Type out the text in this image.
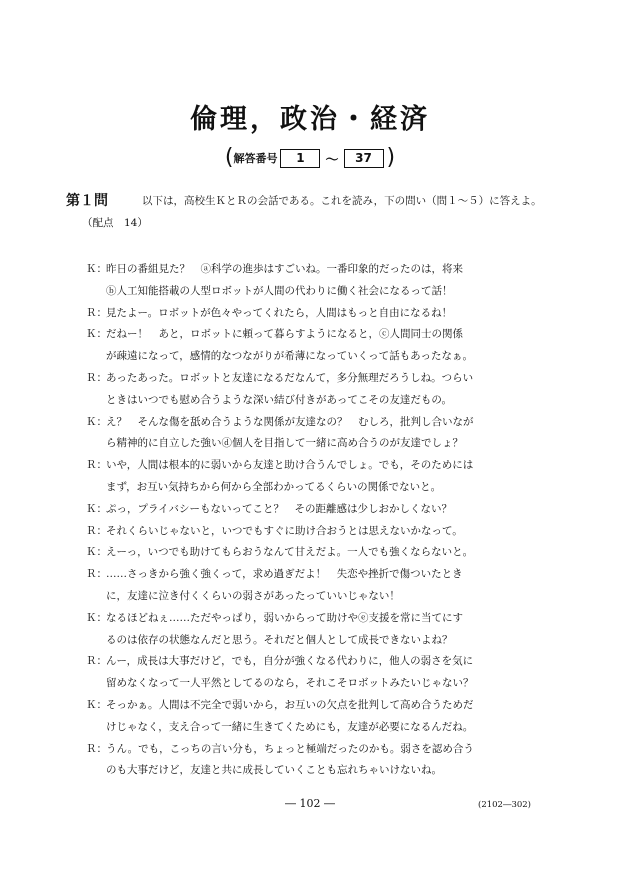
倫理，政治・経済
( 解答番号	1	～	37 )
第１問	以下は，高校生ＫとＲの会話である。これを読み，下の問い（問１～５）に答えよ。（配点　14）
Ｋ： 昨日の番組見た？　ⓐ科学の進歩はすごいね。一番印象的だったのは，将来
ⓑ人工知能搭載の人型ロボットが人間の代わりに働く社会になるって話！
Ｒ： 見たよー。ロボットが色々やってくれたら，人間はもっと自由になるね！
Ｋ： だねー！　あと，ロボットに頼って暮らすようになると，ⓒ人間同士の関係
が疎遠になって，感情的なつながりが希薄になっていくって話もあったなぁ。
Ｒ： あったあった。ロボットと友達になるだなんて，多分無理だろうしね。つらい
ときはいつでも慰め合うような深い結び付きがあってこその友達だもの。
Ｋ： え？　そんな傷を舐め合うような関係が友達なの？　むしろ，批判し合いなが
ら精神的に自立した強いⓓ個人を目指して一緒に高め合うのが友達でしょ？
Ｒ： いや，人間は根本的に弱いから友達と助け合うんでしょ。でも，そのためには
まず，お互い気持ちから何から全部わかってるくらいの関係でないと。
Ｋ： ぷっ，プライバシーもないってこと？　その距離感は少しおかしくない？
Ｒ： それくらいじゃないと，いつでもすぐに助け合おうとは思えないかなって。
Ｋ： えーっ，いつでも助けてもらおうなんて甘えだよ。一人でも強くならないと。
Ｒ： ……さっきから強く強くって，求め過ぎだよ！　失恋や挫折で傷ついたとき
に，友達に泣き付くくらいの弱さがあったっていいじゃない！
Ｋ： なるほどねぇ……ただやっぱり，弱いからって助けやⓔ支援を常に当てにす
るのは依存の状態なんだと思う。それだと個人として成長できないよね？
Ｒ： んー，成長は大事だけど，でも，自分が強くなる代わりに，他人の弱さを気に
留めなくなって一人平然としてるのなら，それこそロボットみたいじゃない？
Ｋ： そっかぁ。人間は不完全で弱いから，お互いの欠点を批判して高め合うためだ
けじゃなく，支え合って一緒に生きてくためにも，友達が必要になるんだね。
Ｒ： うん。でも，こっちの言い分も，ちょっと極端だったのかも。弱さを認め合う
のも大事だけど，友達と共に成長していくことも忘れちゃいけないね。
― 102 ―	(2102―302)
